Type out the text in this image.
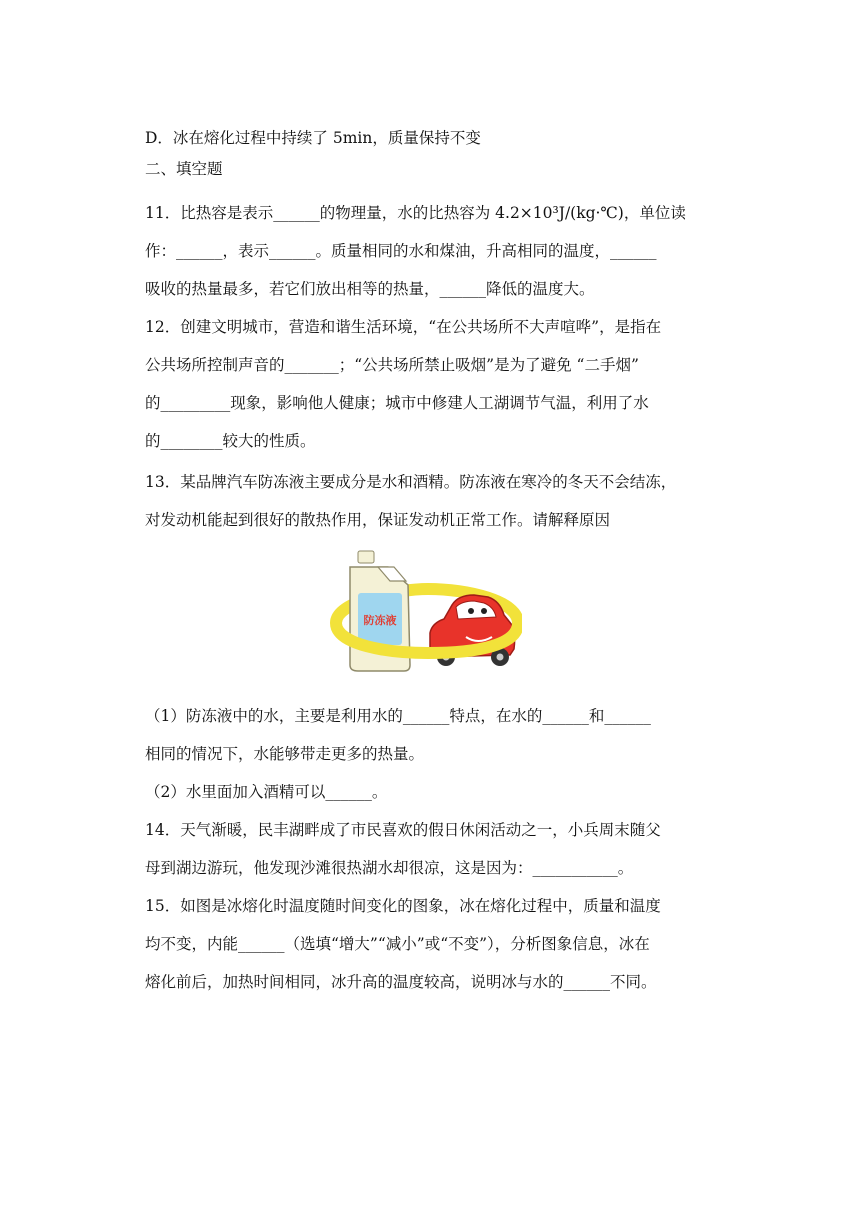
D．冰在熔化过程中持续了 5min，质量保持不变
二、填空题
11．比热容是表示______的物理量，水的比热容为 4.2×10³J/(kg·℃)，单位读
作：______，表示______。质量相同的水和煤油，升高相同的温度，______
吸收的热量最多，若它们放出相等的热量，______降低的温度大。
12．创建文明城市，营造和谐生活环境，“在公共场所不大声喧哗”，是指在
公共场所控制声音的_______；“公共场所禁止吸烟”是为了避免 “二手烟”
的_________现象，影响他人健康；城市中修建人工湖调节气温，利用了水
的________较大的性质。
13．某品牌汽车防冻液主要成分是水和酒精。防冻液在寒冷的冬天不会结冻，
对发动机能起到很好的散热作用，保证发动机正常工作。请解释原因
防冻液
（1）防冻液中的水，主要是利用水的______特点，在水的______和______
相同的情况下，水能够带走更多的热量。
（2）水里面加入酒精可以______。
14．天气渐暖，民丰湖畔成了市民喜欢的假日休闲活动之一，小兵周末随父
母到湖边游玩，他发现沙滩很热湖水却很凉，这是因为：___________。
15．如图是冰熔化时温度随时间变化的图象，冰在熔化过程中，质量和温度
均不变，内能______（选填“增大”“减小”或“不变”），分析图象信息，冰在
熔化前后，加热时间相同，冰升高的温度较高，说明冰与水的______不同。
